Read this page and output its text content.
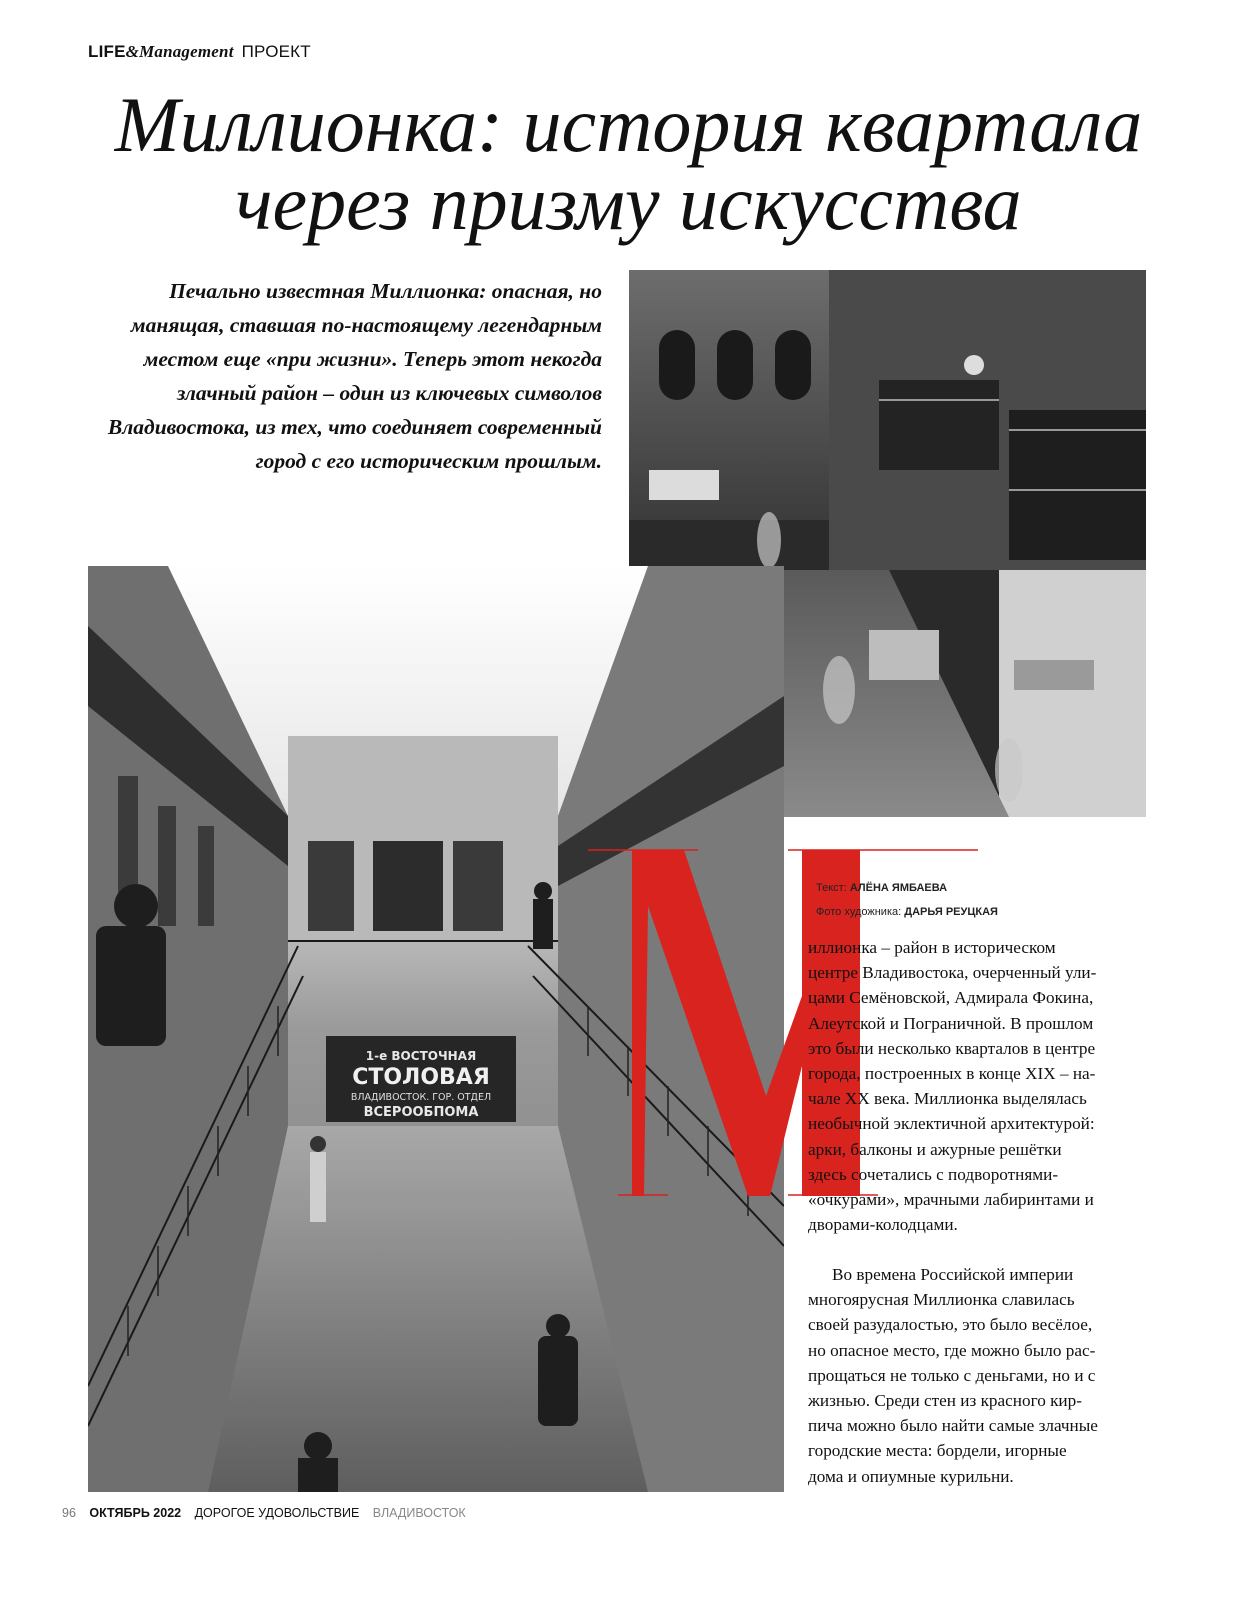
LIFE&Management ПРОЕКТ
Миллионка: история квартала
через призму искусства

Печально известная Миллионка: опасная, но манящая, ставшая по-настоящему легендарным местом еще «при жизни». Теперь этот некогда злачный район – один из ключевых символов Владивостока, из тех, что соединяет современный город с его историческим прошлым.

1-е ВОСТОЧНАЯ
СТОЛОВАЯ
ВЛАДИВОСТОК. ГОР. ОТДЕЛ
ВСЕРООБПОМА
Текст: АЛЁНА ЯМБАЕВА
Фото художника: ДАРЬЯ РЕУЦКАЯ
иллионка – район в историческом
центре Владивостока, очерченный ули-
цами Семёновской, Адмирала Фокина,
Алеутской и Пограничной. В прошлом
это были несколько кварталов в центре
города, построенных в конце XIX – на-
чале XX века. Миллионка выделялась
необычной эклектичной архитектурой:
арки, балконы и ажурные решётки
здесь сочетались с подворотнями-
«очкурами», мрачными лабиринтами и
дворами-колодцами.
Во времена Российской империи
многоярусная Миллионка славилась
своей разудалостью, это было весёлое,
но опасное место, где можно было рас-
прощаться не только с деньгами, но и с
жизнью. Среди стен из красного кир-
пича можно было найти самые злачные
городские места: бордели, игорные
дома и опиумные курильни.
96 ОКТЯБРЬ 2022 ДОРОГОЕ УДОВОЛЬСТВИЕ ВЛАДИВОСТОК
